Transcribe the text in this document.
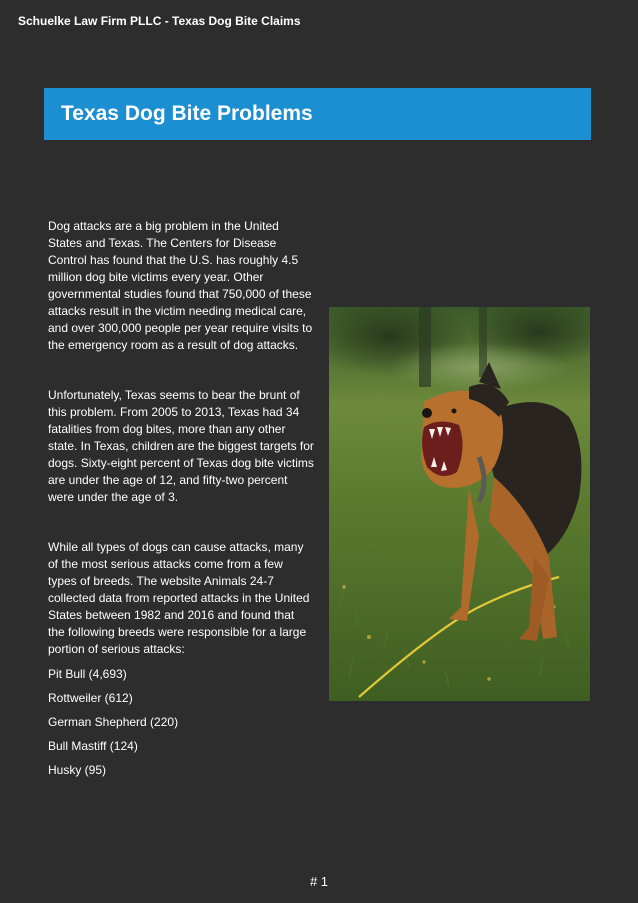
Schuelke Law Firm PLLC - Texas Dog Bite Claims
Texas Dog Bite Problems

Dog attacks are a big problem in the United States and Texas. The Centers for Disease Control has found that the U.S. has roughly 4.5 million dog bite victims every year. Other governmental studies found that 750,000 of these attacks result in the victim needing medical care, and over 300,000 people per year require visits to the emergency room as a result of dog attacks.

Unfortunately, Texas seems to bear the brunt of this problem. From 2005 to 2013, Texas had 34 fatalities from dog bites, more than any other state. In Texas, children are the biggest targets for dogs. Sixty-eight percent of Texas dog bite victims are under the age of 12, and fifty-two percent were under the age of 3.

While all types of dogs can cause attacks, many of the most serious attacks come from a few types of breeds. The website Animals 24-7 collected data from reported attacks in the United States between 1982 and 2016 and found that the following breeds were responsible for a large portion of serious attacks:

Pit Bull (4,693)
Rottweiler (612)
German Shepherd (220)
Bull Mastiff (124)
Husky (95)
# 1
